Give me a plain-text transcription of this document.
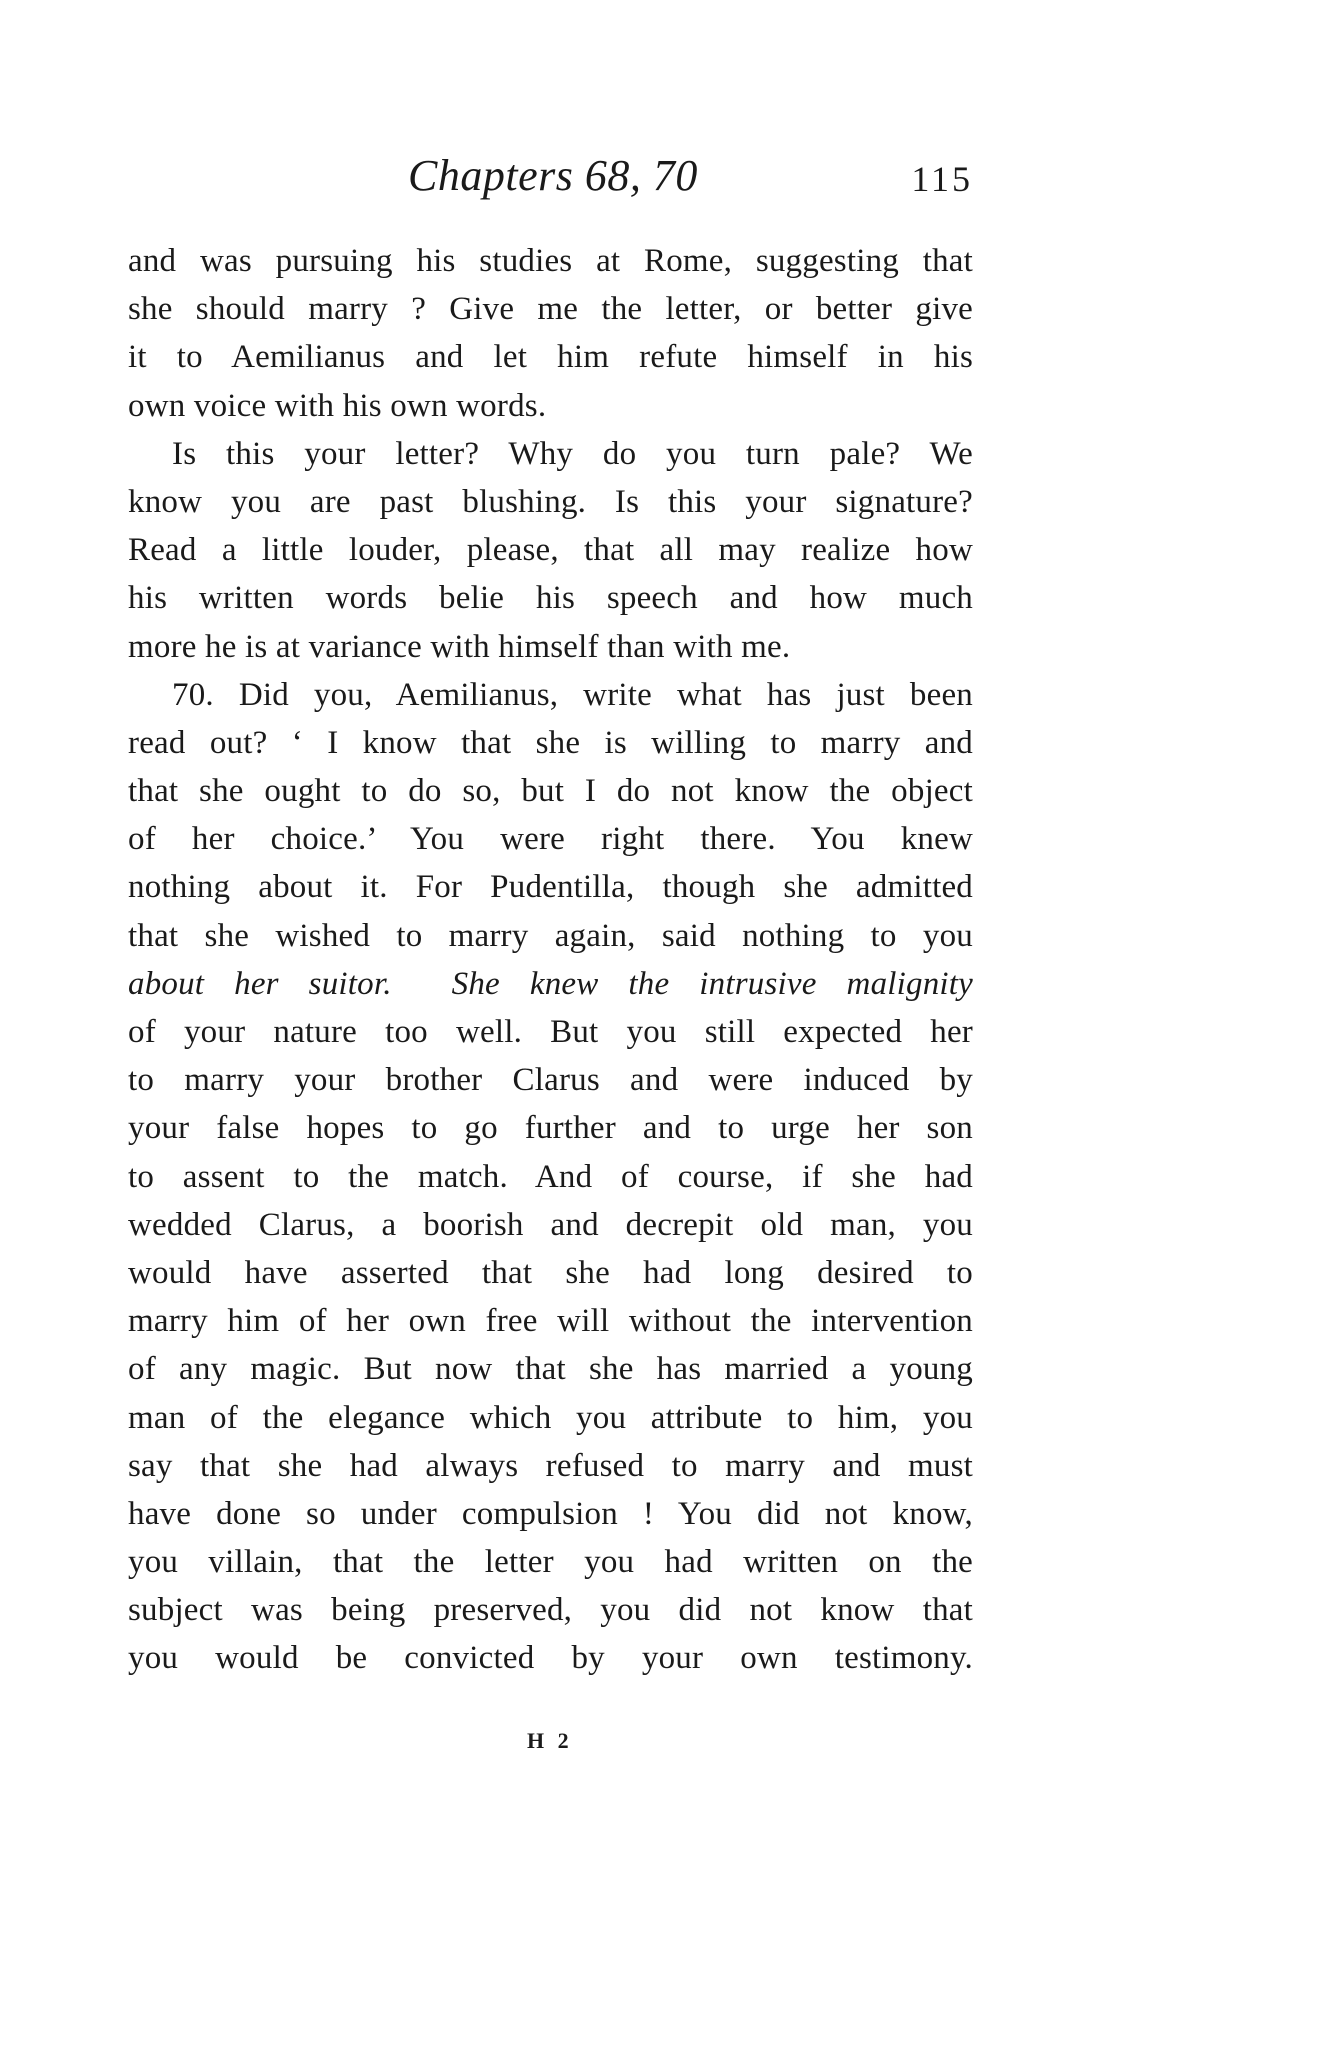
Chapters 68, 70	115
and was pursuing his studies at Rome, suggesting that
she should marry ? Give me the letter, or better give
it to Aemilianus and let him refute himself in his
own voice with his own words.
Is this your letter? Why do you turn pale? We
know you are past blushing. Is this your signature?
Read a little louder, please, that all may realize how
his written words belie his speech and how much
more he is at variance with himself than with me.
70. Did you, Aemilianus, write what has just been
read out? ‘ I know that she is willing to marry and
that she ought to do so, but I do not know the object
of her choice.’ You were right there. You knew
nothing about it. For Pudentilla, though she admitted
that she wished to marry again, said nothing to you
about her suitor. She knew the intrusive malignity
of your nature too well. But you still expected her
to marry your brother Clarus and were induced by
your false hopes to go further and to urge her son
to assent to the match. And of course, if she had
wedded Clarus, a boorish and decrepit old man, you
would have asserted that she had long desired to
marry him of her own free will without the intervention
of any magic. But now that she has married a young
man of the elegance which you attribute to him, you
say that she had always refused to marry and must
have done so under compulsion ! You did not know,
you villain, that the letter you had written on the
subject was being preserved, you did not know that
you would be convicted by your own testimony.
H 2
